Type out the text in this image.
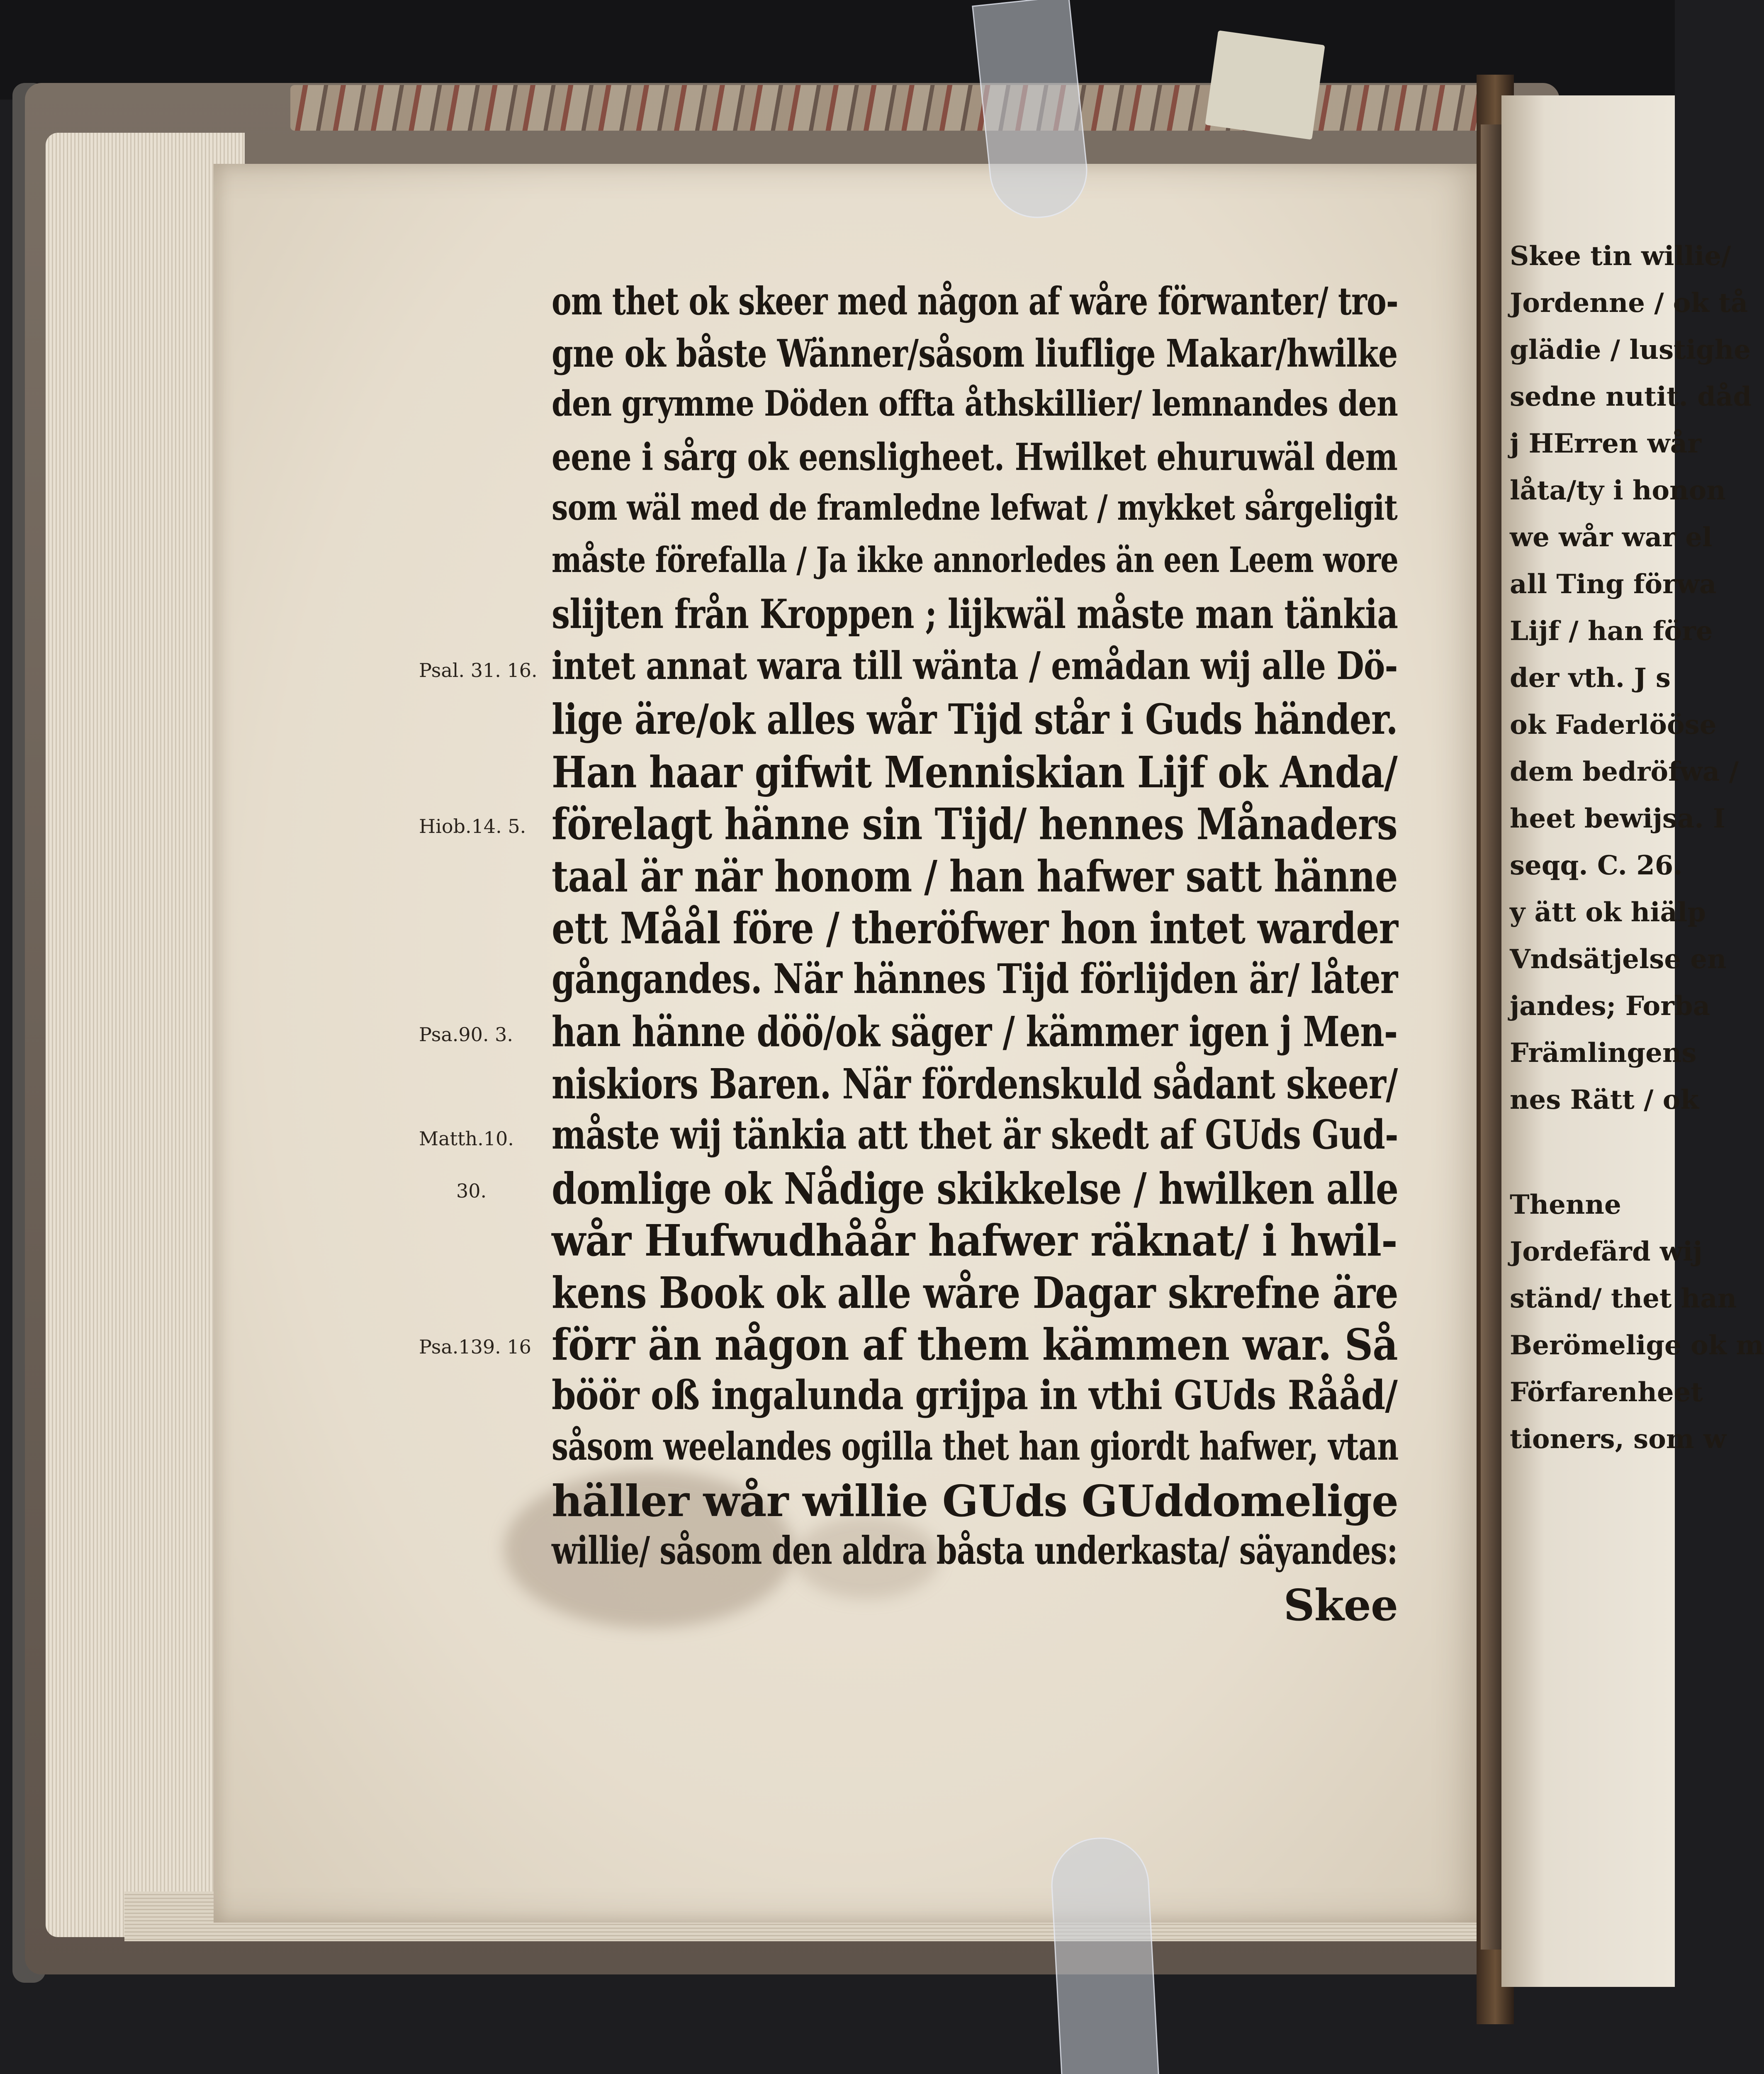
om thet ok skeer med någon af wåre förwanter/ tro-
gne ok båste Wänner/såsom liuflige Makar/hwilke
den grymme Döden offta åthskillier/ lemnandes den
eene i sårg ok eensligheet. Hwilket ehuruwäl dem
som wäl med de framledne lefwat / mykket sårgeligit
måste förefalla / Ja ikke annorledes än een Leem wore
slijten från Kroppen ; lijkwäl måste man tänkia
intet annat wara till wänta / emådan wij alle Dö-
lige äre/ok alles wår Tijd står i Guds händer.
Han haar gifwit Menniskian Lijf ok Anda/
förelagt hänne sin Tijd/ hennes Månaders
taal är när honom / han hafwer satt hänne
ett Måål före / theröfwer hon intet warder
gångandes. När hännes Tijd förlijden är/ låter
han hänne döö/ok säger / kämmer igen j Men-
niskiors Baren. När fördenskuld sådant skeer/
måste wij tänkia att thet är skedt af GUds Gud-
domlige ok Nådige skikkelse / hwilken alle
wår Hufwudhåår hafwer räknat/ i hwil-
kens Book ok alle wåre Dagar skrefne äre
förr än någon af them kämmen war. Så
böör oß ingalunda grijpa in vthi GUds Rååd/
såsom weelandes ogilla thet han giordt hafwer, vtan
häller wår willie GUds GUddomelige
willie/ såsom den aldra båsta underkasta/ säyandes:
Skee
Psal. 31. 16.
Hiob.14. 5.
Psa.90. 3.
Matth.10.
30.
Psa.139. 16
Skee tin willie/
Jordenne / ok tå
glädie / lustighe
sedne nutit. dåd
j HErren wår
låta/ty i honon
we wår war el
all Ting förwa
Lijf / han före
der vth. J s
ok Faderlööse
dem bedröfwa /
heet bewijsa. I
seqq. C. 26.
y ätt ok hiälp
Vndsätjelse en
jandes; Forba
Främlingens
nes Rätt / ok
Thenne
Jordefärd wij
ständ/ thet han
Berömelige ok m
Förfarenheet
tioners, som w
